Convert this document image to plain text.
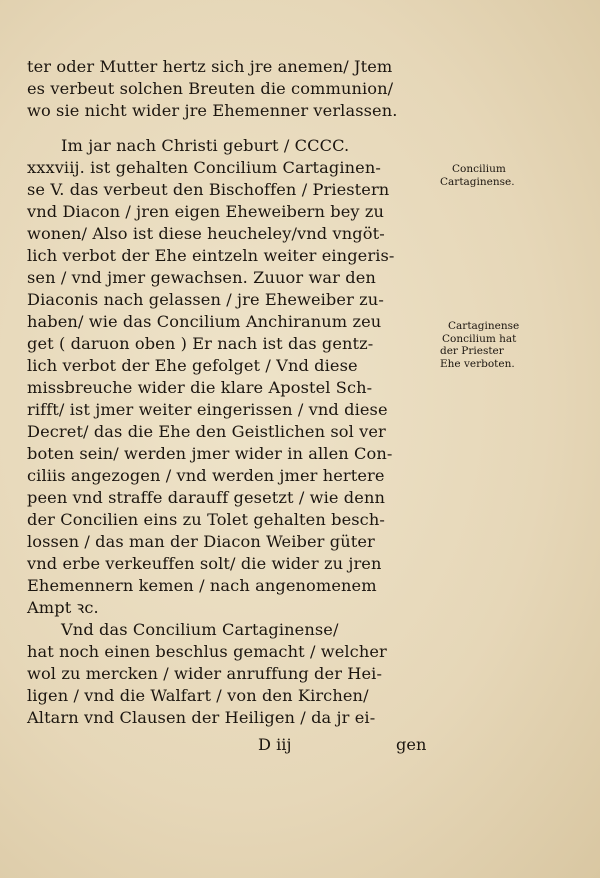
ter oder Mutter hertz sich jre anemen/ Jtem
es verbeut solchen Breuten die communion/
wo sie nicht wider jre Ehemenner verlassen.
Im jar nach Christi geburt / CCCC.
xxxviij. ist gehalten Concilium Cartaginen-
se V. das verbeut den Bischoffen / Priestern
vnd Diacon / jren eigen Eheweibern bey zu
wonen/ Also ist diese heucheley/vnd vngöt-
lich verbot der Ehe eintzeln weiter eingeris-
sen / vnd jmer gewachsen. Zuuor war den
Diaconis nach gelassen / jre Eheweiber zu-
haben/ wie das Concilium Anchiranum zeu
get ( daruon oben ) Er nach ist das gentz-
lich verbot der Ehe gefolget / Vnd diese
missbreuche wider die klare Apostel Sch-
rifft/ ist jmer weiter eingerissen / vnd diese
Decret/ das die Ehe den Geistlichen sol ver
boten sein/ werden jmer wider in allen Con-
ciliis angezogen / vnd werden jmer hertere
peen vnd straffe darauff gesetzt / wie denn
der Concilien eins zu Tolet gehalten besch-
lossen / das man der Diacon Weiber güter
vnd erbe verkeuffen solt/ die wider zu jren
Ehemennern kemen / nach angenomenem
Ampt ꝛc.
Vnd das Concilium Cartaginense/
hat noch einen beschlus gemacht / welcher
wol zu mercken / wider anruffung der Hei-
ligen / vnd die Walfart / von den Kirchen/
Altarn vnd Clausen der Heiligen / da jr ei-
Concilium
Cartaginense.
Cartaginense
Concilium hat
der Priester
Ehe verboten.
D iij	gen
